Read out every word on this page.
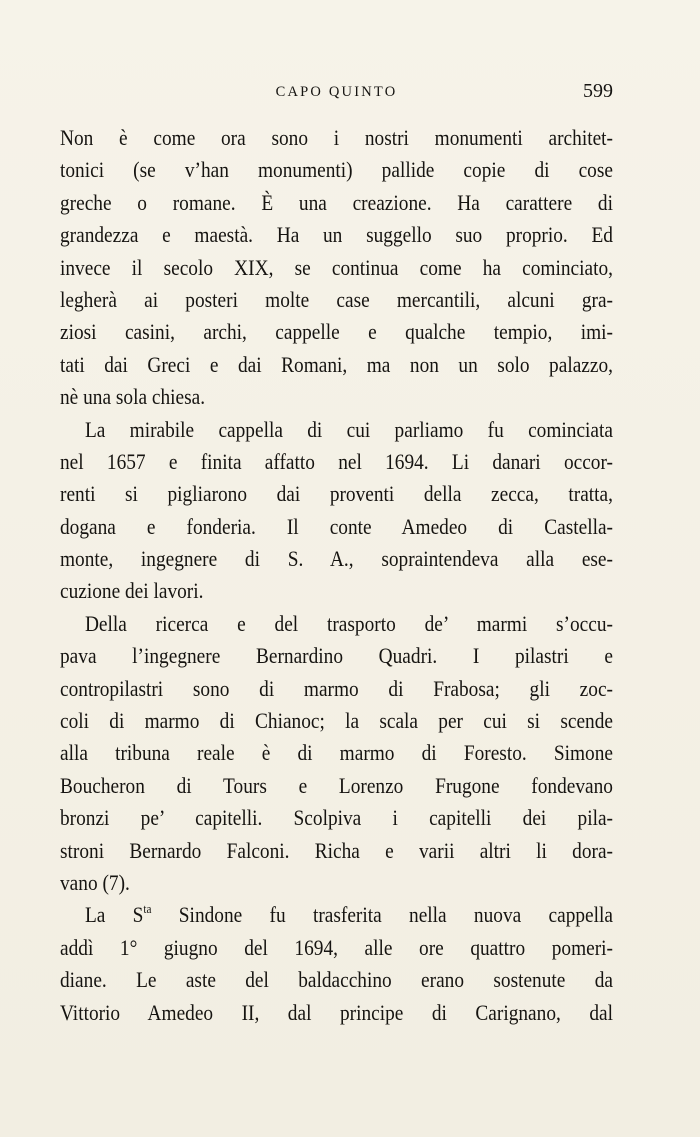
CAPO QUINTO	599
Non è come ora sono i nostri monumenti architet-
tonici (se v’han monumenti) pallide copie di cose
greche o romane. È una creazione. Ha carattere di
grandezza e maestà. Ha un suggello suo proprio. Ed
invece il secolo XIX, se continua come ha cominciato,
legherà ai posteri molte case mercantili, alcuni gra-
ziosi casini, archi, cappelle e qualche tempio, imi-
tati dai Greci e dai Romani, ma non un solo palazzo,
nè una sola chiesa.
La mirabile cappella di cui parliamo fu cominciata
nel 1657 e finita affatto nel 1694. Li danari occor-
renti si pigliarono dai proventi della zecca, tratta,
dogana e fonderia. Il conte Amedeo di Castella-
monte, ingegnere di S. A., sopraintendeva alla ese-
cuzione dei lavori.
Della ricerca e del trasporto de’ marmi s’occu-
pava l’ingegnere Bernardino Quadri. I pilastri e
contropilastri sono di marmo di Frabosa; gli zoc-
coli di marmo di Chianoc; la scala per cui si scende
alla tribuna reale è di marmo di Foresto. Simone
Boucheron di Tours e Lorenzo Frugone fondevano
bronzi pe’ capitelli. Scolpiva i capitelli dei pila-
stroni Bernardo Falconi. Richa e varii altri li dora-
vano (7).
La $S^{ta}$ Sindone fu trasferita nella nuova cappella
addì 1° giugno del 1694, alle ore quattro pomeri-
diane. Le aste del baldacchino erano sostenute da
Vittorio Amedeo II, dal principe di Carignano, dal
